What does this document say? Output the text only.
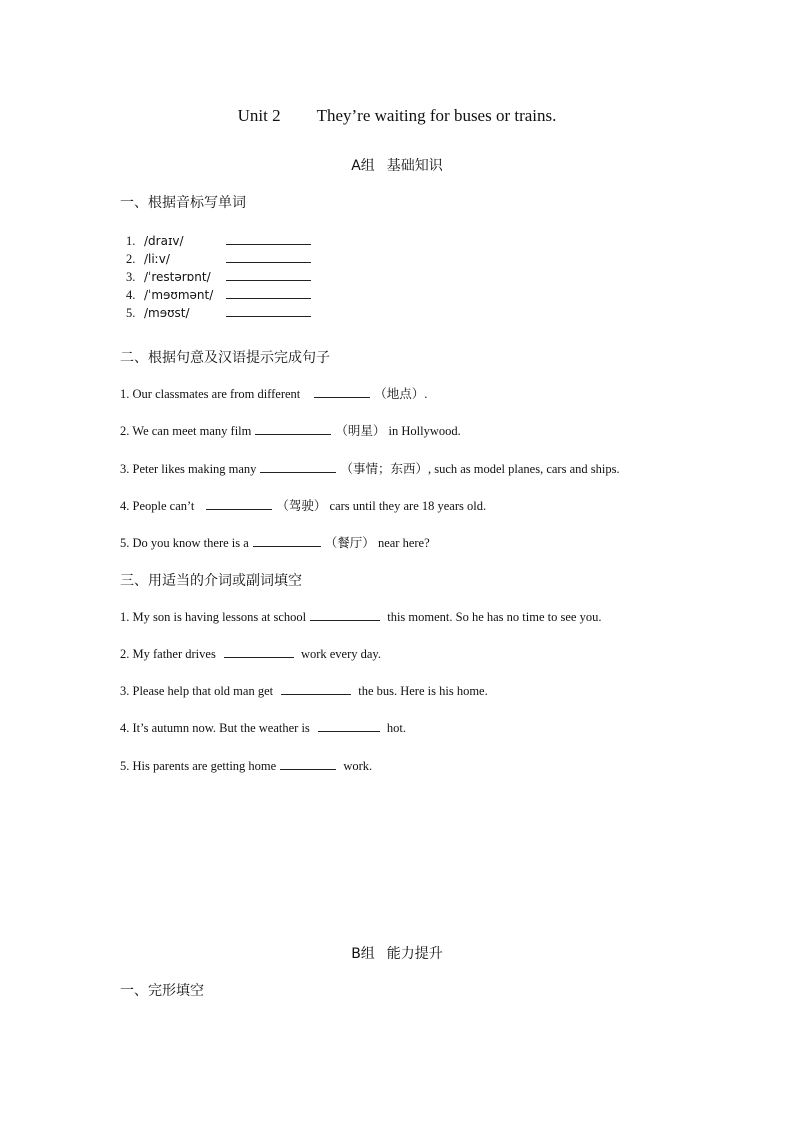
Unit 2 They’re waiting for buses or trains.
A组 基础知识
一、根据音标写单词
1. /draɪv/
2. /liːv/
3. /ˈrestərɒnt/
4. /ˈmɘʊmənt/
5. /mɘʊst/
二、根据句意及汉语提示完成句子
1. Our classmates are from different	（地点）.
2. We can meet many film	（明星） in Hollywood.
3. Peter likes making many	（事情；东西）, such as model planes, cars and ships.
4. People can’t	（驾驶） cars until they are 18 years old.
5. Do you know there is a	（餐厅） near here?
三、用适当的介词或副词填空
1. My son is having lessons at school	this moment. So he has no time to see you.
2. My father drives	work every day.
3. Please help that old man get	the bus. Here is his home.
4. It’s autumn now. But the weather is	hot.
5. His parents are getting home	work.
B组 能力提升
一、完形填空
